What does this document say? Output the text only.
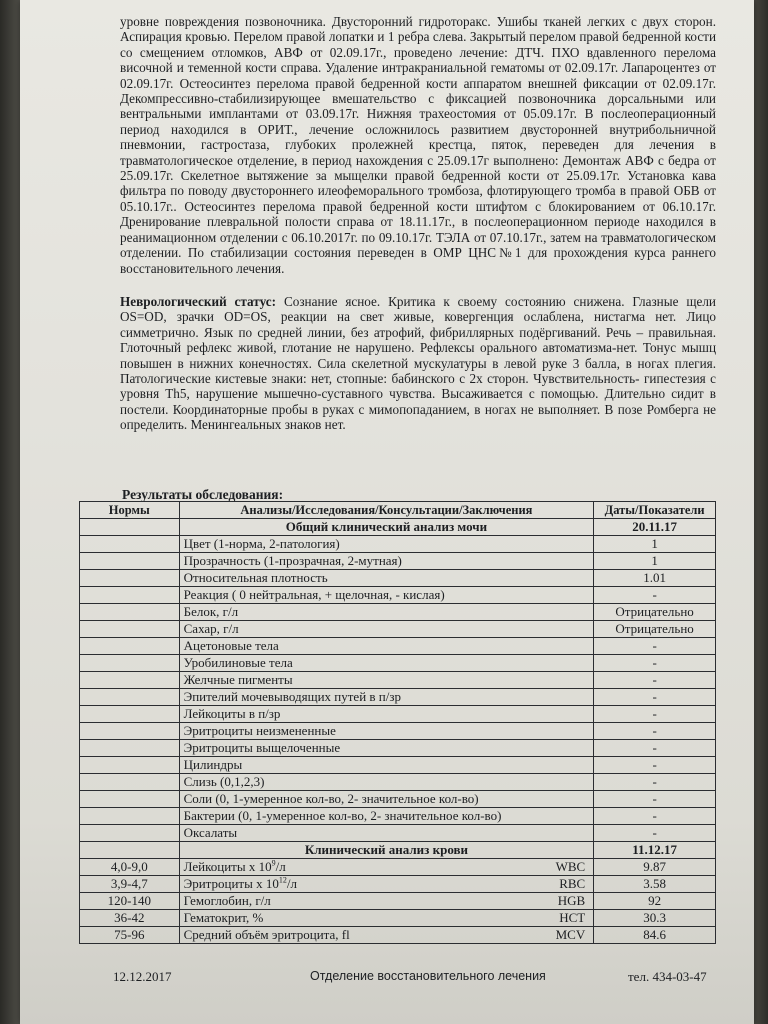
уровне повреждения позвоночника. Двусторонний гидроторакс. Ушибы тканей легких с двух сторон. Аспирация кровью. Перелом правой лопатки и 1 ребра слева. Закрытый перелом правой бедренной кости со смещением отломков, АВФ от 02.09.17г., проведено лечение: ДТЧ. ПХО вдавленного перелома височной и теменной кости справа. Удаление интракраниальной гематомы от 02.09.17г. Лапароцентез от 02.09.17г. Остеосинтез перелома правой бедренной кости аппаратом внешней фиксации от 02.09.17г. Декомпрессивно-стабилизирующее вмешательство с фиксацией позвоночника дорсальными или вентральными имплантами от 03.09.17г. Нижняя трахеостомия от 05.09.17г. В послеоперационный период находился в ОРИТ., лечение осложнилось развитием двусторонней внутрибольничной пневмонии, гастростаза, глубоких пролежней крестца, пяток, переведен для лечения в травматологическое отделение, в период нахождения с 25.09.17г выполнено: Демонтаж АВФ с бедра от 25.09.17г. Скелетное вытяжение за мыщелки правой бедренной кости от 25.09.17г. Установка кава фильтра по поводу двустороннего илеофеморального тромбоза, флотирующего тромба в правой ОБВ от 05.10.17г.. Остеосинтез перелома правой бедренной кости штифтом с блокированием от 06.10.17г. Дренирование плевральной полости справа от 18.11.17г., в послеоперационном периоде находился в реанимационном отделении с 06.10.2017г. по 09.10.17г. ТЭЛА от 07.10.17г., затем на травматологическом отделении. По стабилизации состояния переведен в ОМР ЦНС№1 для прохождения курса раннего восстановительного лечения.

Неврологический статус: Сознание ясное. Критика к своему состоянию снижена. Глазные щели OS=OD, зрачки OD=OS, реакции на свет живые, ковергенция ослаблена, нистагма нет. Лицо симметрично. Язык по средней линии, без атрофий, фибриллярных подёргиваний. Речь – правильная. Глоточный рефлекс живой, глотание не нарушено. Рефлексы орального автоматизма-нет. Тонус мышц повышен в нижних конечностях. Сила скелетной мускулатуры в левой руке 3 балла, в ногах плегия. Патологические кистевые знаки: нет, стопные: бабинского с 2х сторон. Чувствительность- гипестезия с уровня Th5, нарушение мышечно-суставного чувства. Высаживается с помощью. Длительно сидит в постели. Координаторные пробы в руках с мимопопаданием, в ногах не выполняет. В позе Ромберга не определить. Менингеальных знаков нет.

Результаты обследования:
Нормы	Анализы/Исследования/Консультации/Заключения	Даты/Показатели
	Общий клинический анализ мочи	20.11.17

	Цвет (1-норма, 2-патология)	1

	Прозрачность (1-прозрачная, 2-мутная)	1

	Относительная плотность	1.01

	Реакция ( 0 нейтральная, + щелочная, - кислая)	-

	Белок, г/л	Отрицательно

	Сахар, г/л	Отрицательно

	Ацетоновые тела	-

	Уробилиновые тела	-

	Желчные пигменты	-

	Эпителий мочевыводящих путей в п/зр	-

	Лейкоциты в п/зр	-

	Эритроциты неизмененные	-

	Эритроциты выщелоченные	-

	Цилиндры	-

	Слизь (0,1,2,3)	-

	Соли (0, 1-умеренное кол-во, 2- значительное кол-во)	-

	Бактерии (0, 1-умеренное кол-во, 2- значительное кол-во)	-

	Оксалаты	-
	Клинический анализ крови	11.12.17
4,0-9,0	Лейкоциты х $10^9/л$ WBC	9.87
3,9-4,7	Эритроциты х $10^{12}/л$ RBC	3.58
120-140	Гемоглобин, г/л HGB	92
36-42	Гематокрит, % HCT	30.3
75-96	Средний объём эритроцита, fl MCV	84.6
12.12.2017	Отделение восстановительного лечения	тел. 434-03-47
